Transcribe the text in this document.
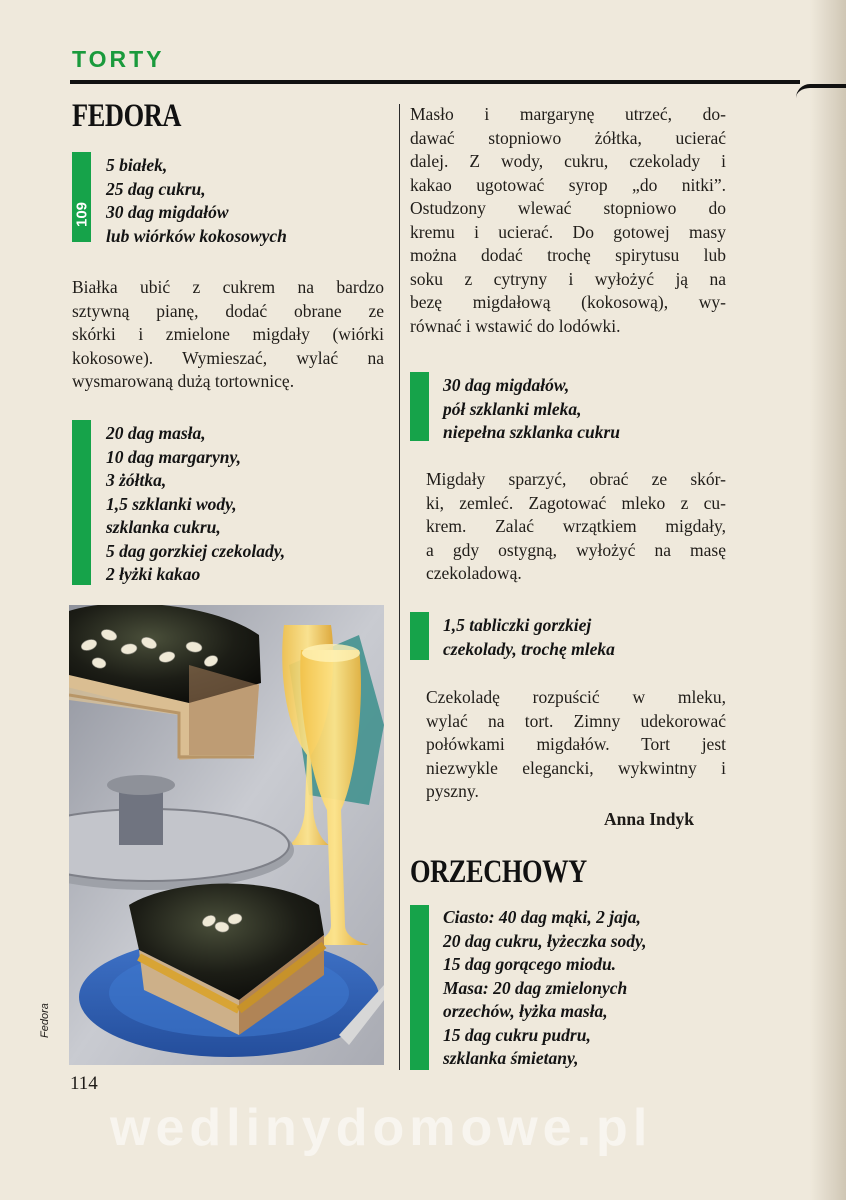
TORTY
FEDORA
109
5 białek,
25 dag cukru,
30 dag migdałów
lub wiórków kokosowych
Białka ubić z cukrem na bardzo
sztywną pianę, dodać obrane ze
skórki i zmielone migdały (wiórki
kokosowe). Wymieszać, wylać na
wysmarowaną dużą tortownicę.
20 dag masła,
10 dag margaryny,
3 żółtka,
1,5 szklanki wody,
szklanka cukru,
5 dag gorzkiej czekolady,
2 łyżki kakao
Fedora
114
Masło i margarynę utrzeć, do-
dawać stopniowo żółtka, ucierać
dalej. Z wody, cukru, czekolady i
kakao ugotować syrop „do nitki”.
Ostudzony wlewać stopniowo do
kremu i ucierać. Do gotowej masy
można dodać trochę spirytusu lub
soku z cytryny i wyłożyć ją na
bezę migdałową (kokosową), wy-
równać i wstawić do lodówki.
30 dag migdałów,
pół szklanki mleka,
niepełna szklanka cukru
Migdały sparzyć, obrać ze skór-
ki, zemleć. Zagotować mleko z cu-
krem. Zalać wrzątkiem migdały,
a gdy ostygną, wyłożyć na masę
czekoladową.
1,5 tabliczki gorzkiej
czekolady, trochę mleka
Czekoladę rozpuścić w mleku,
wylać na tort. Zimny udekorować
połówkami migdałów. Tort jest
niezwykle elegancki, wykwintny i
pyszny.
Anna Indyk
ORZECHOWY
Ciasto: 40 dag mąki, 2 jaja,
20 dag cukru, łyżeczka sody,
15 dag gorącego miodu.
Masa: 20 dag zmielonych
orzechów, łyżka masła,
15 dag cukru pudru,
szklanka śmietany,
wedlinydomowe.pl
